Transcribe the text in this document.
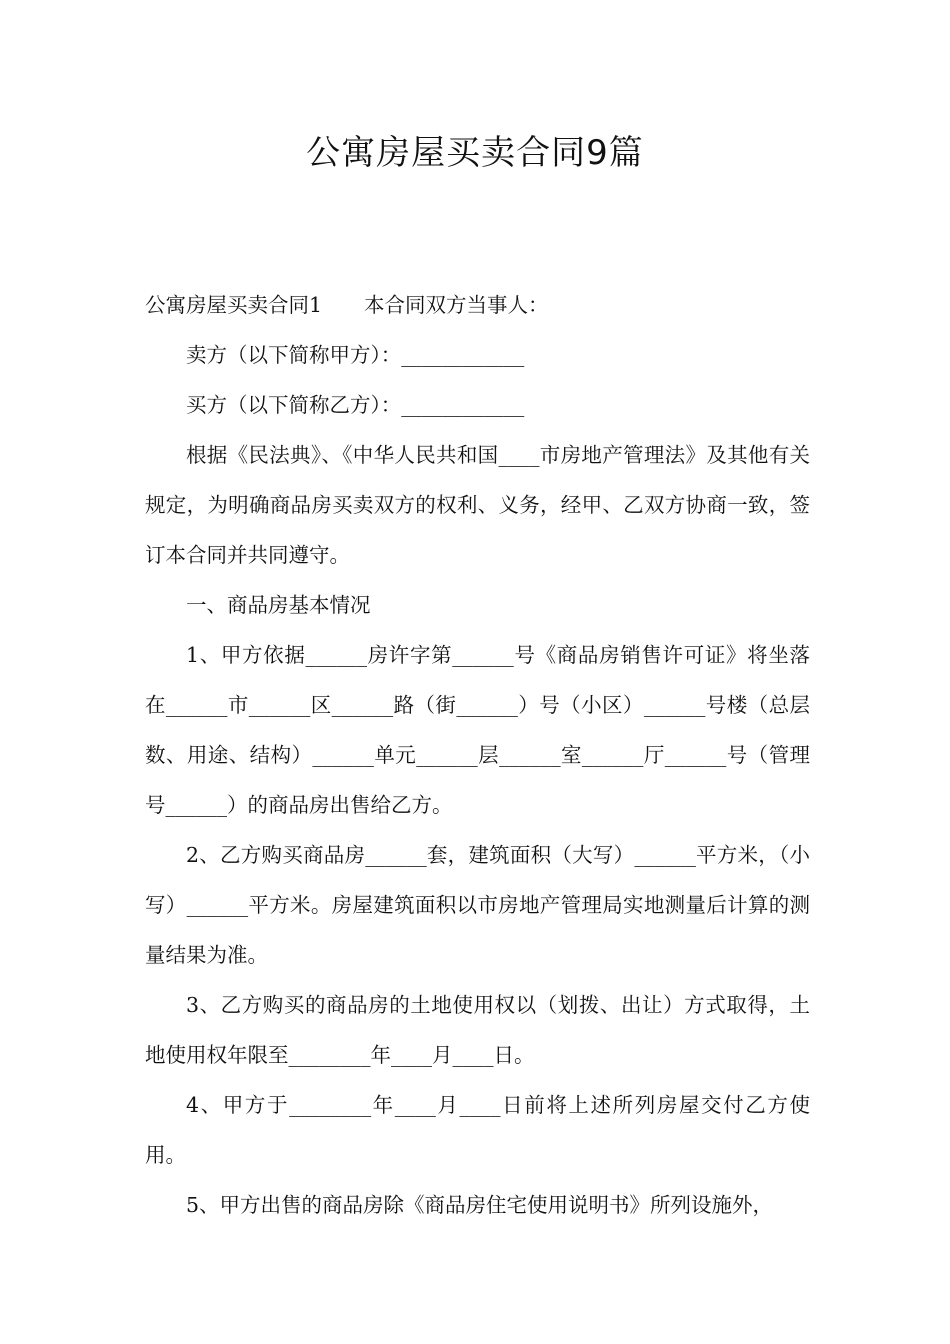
公寓房屋买卖合同9篇

公寓房屋买卖合同1 本合同双方当事人：

卖方（以下简称甲方）：____________

买方（以下简称乙方）：____________

根据《民法典》、《中华人民共和国____市房地产管理法》及其他有关规定，为明确商品房买卖双方的权利、义务，经甲、乙双方协商一致，签订本合同并共同遵守。

一、商品房基本情况

1、甲方依据______房许字第______号《商品房销售许可证》将坐落在______市______区______路（街______）号（小区）______号楼（总层数、用途、结构）______单元______层______室______厅______号（管理号______）的商品房出售给乙方。

2、乙方购买商品房______套，建筑面积（大写）______平方米，（小写）______平方米。房屋建筑面积以市房地产管理局实地测量后计算的测量结果为准。

3、乙方购买的商品房的土地使用权以（划拨、出让）方式取得，土地使用权年限至________年____月____日。

4、甲方于________年____月____日前将上述所列房屋交付乙方使用。

5、甲方出售的商品房除《商品房住宅使用说明书》所列设施外，
